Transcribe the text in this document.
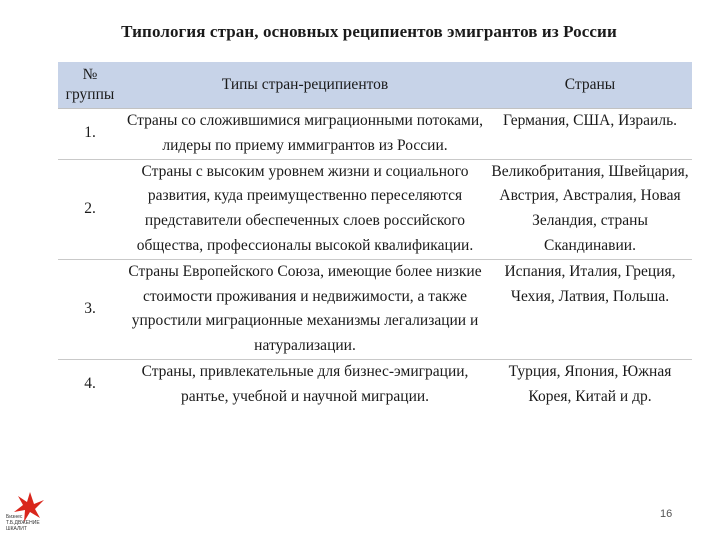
Типология стран, основных реципиентов эмигрантов из России
№ группы	Типы стран-реципиентов	Страны
1.	Страны со сложившимися миграционными потоками, лидеры по приему иммигрантов из России.	Германия, США, Израиль.
2.	Страны с высоким уровнем жизни и социального развития, куда преимущественно переселяются представители обеспеченных слоев российского общества, профессионалы высокой квалификации.	Великобритания, Швейцария, Австрия, Австралия, Новая Зеландия, страны Скандинавии.
3.	Страны Европейского Союза, имеющие более низкие стоимости проживания и недвижимости, а также упростили миграционные механизмы легализации и натурализации.	Испания, Италия, Греция, Чехия, Латвия, Польша.
4.	Страны, привлекательные для бизнес-эмиграции, рантье, учебной и научной миграции.	Турция, Япония, Южная Корея, Китай и др.
Бизнес Т.Б.ДВЖЕНИЕ ШКАЛИТ
16
